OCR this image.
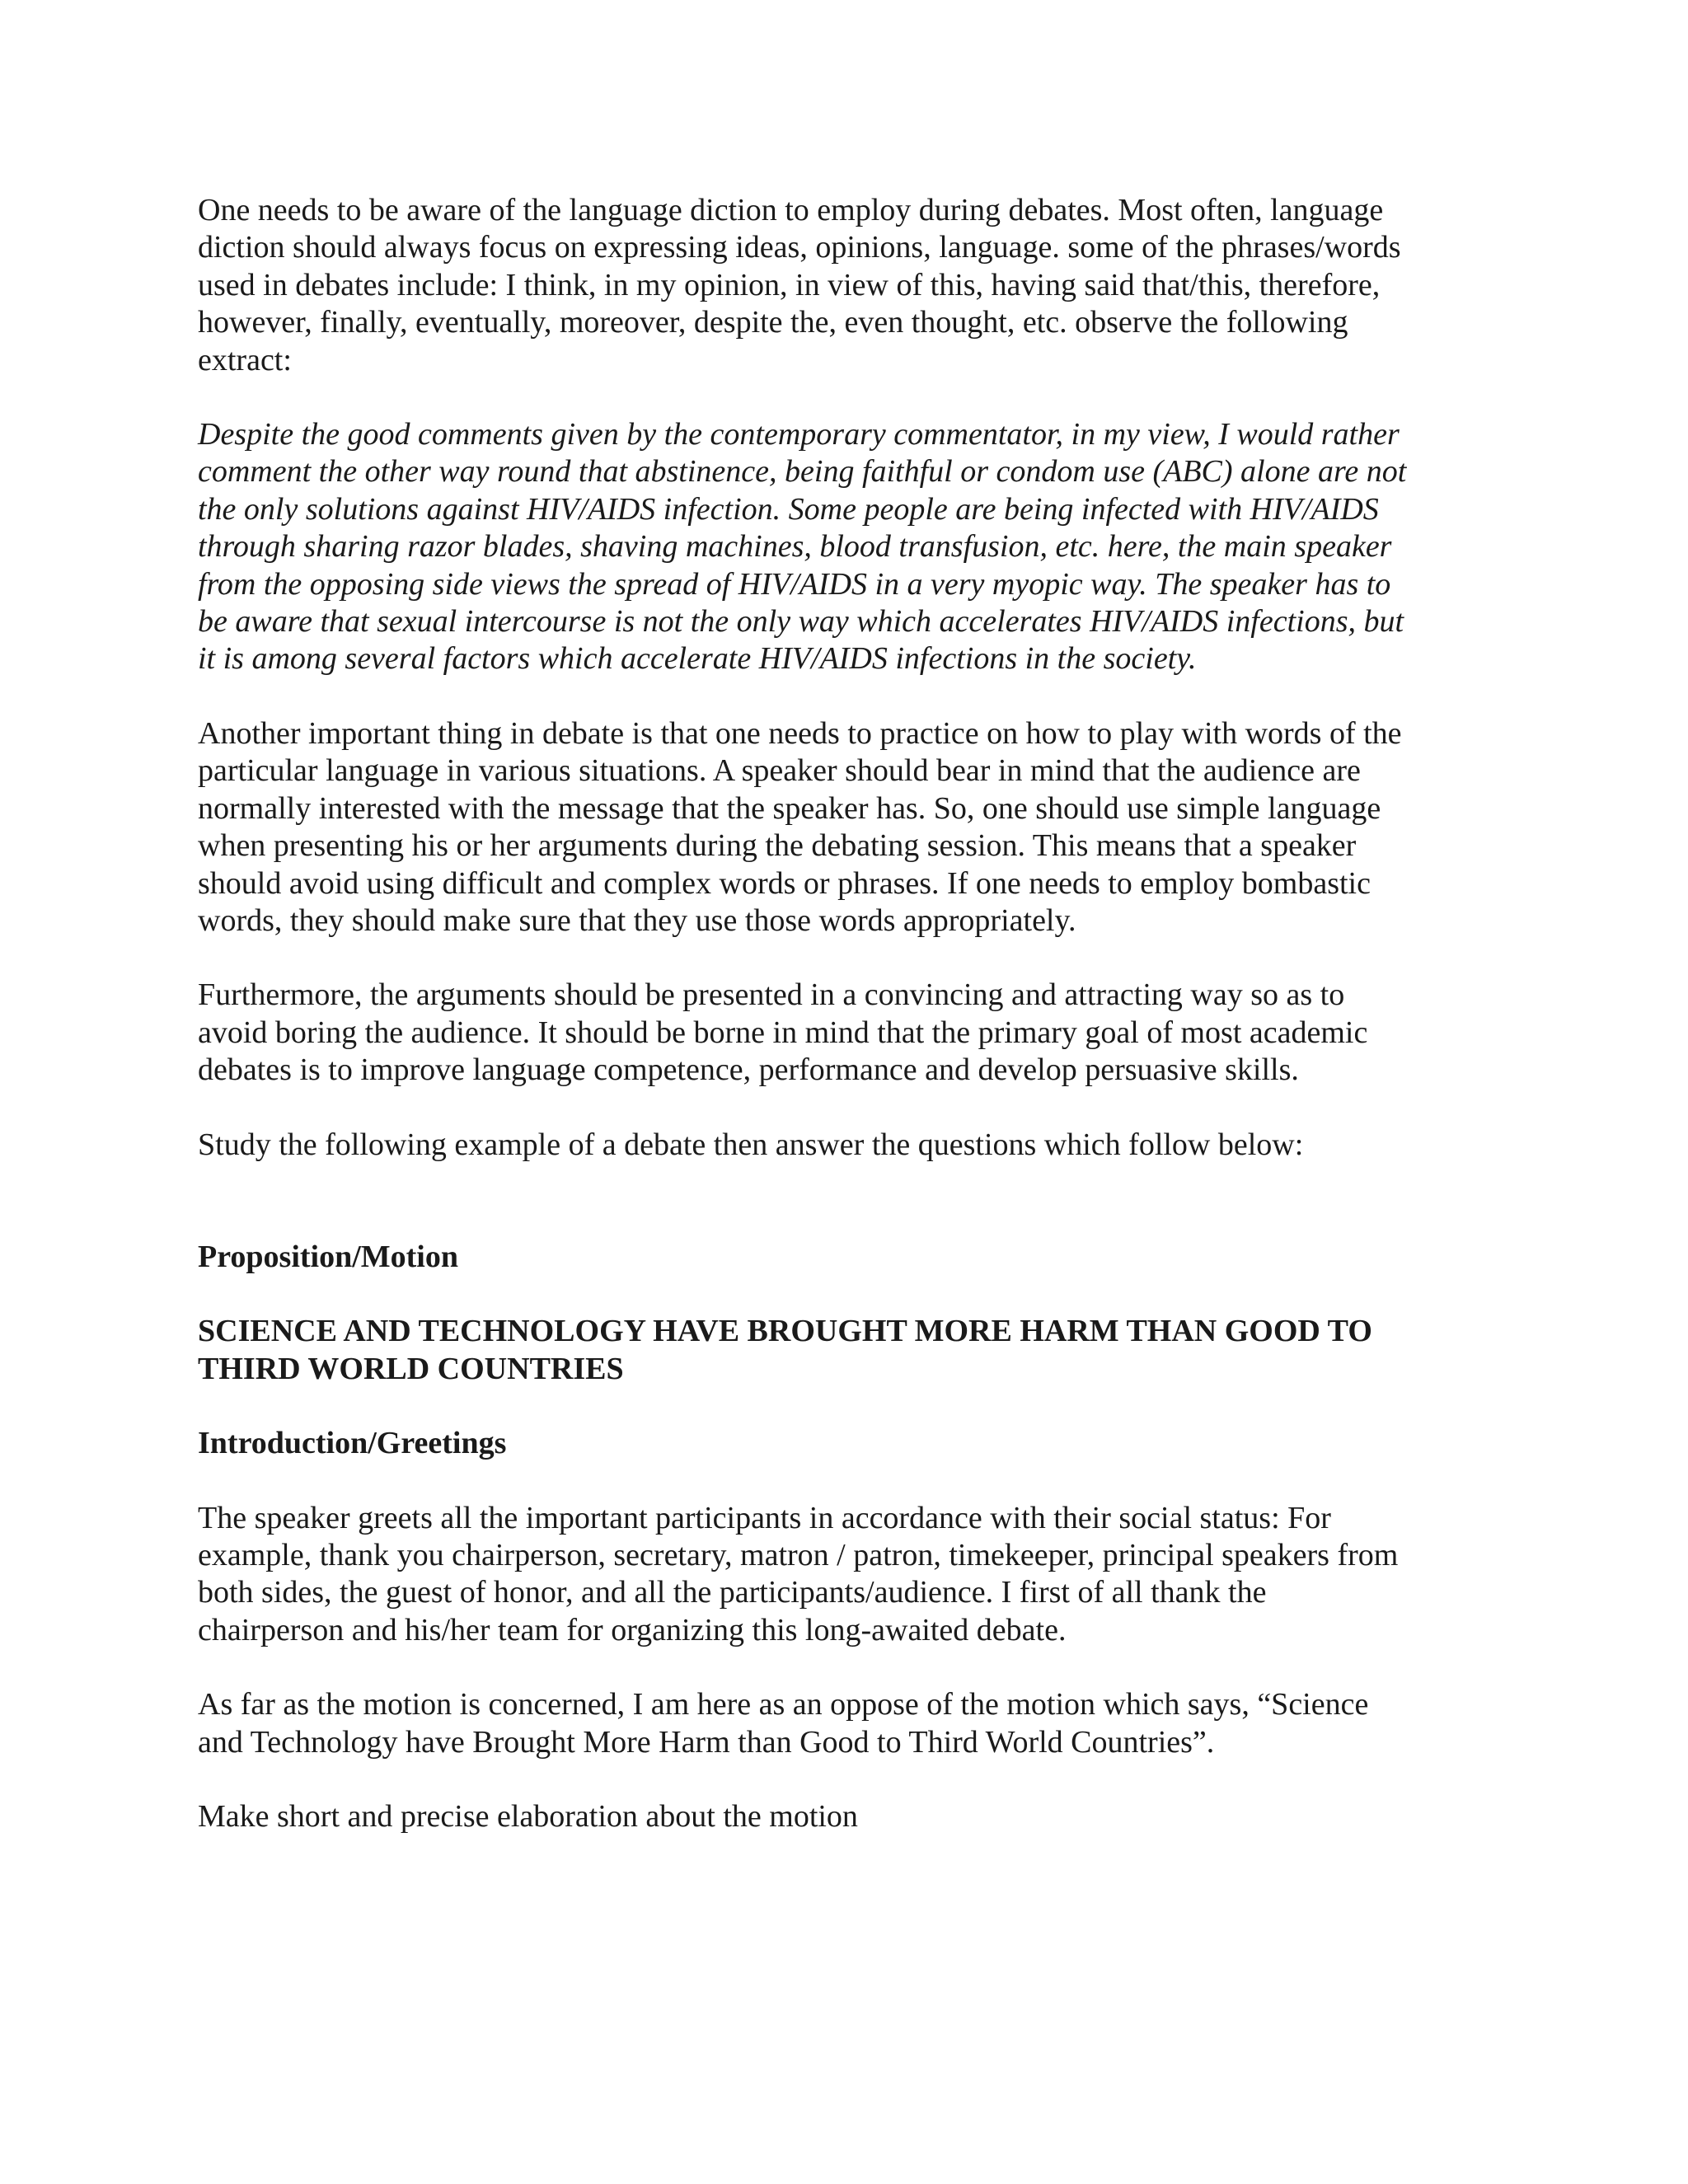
One needs to be aware of the language diction to employ during debates. Most often, language
diction should always focus on expressing ideas, opinions, language. some of the phrases/words
used in debates include: I think, in my opinion, in view of this, having said that/this, therefore,
however, finally, eventually, moreover, despite the, even thought, etc. observe the following
extract:

Despite the good comments given by the contemporary commentator, in my view, I would rather
comment the other way round that abstinence, being faithful or condom use (ABC) alone are not
the only solutions against HIV/AIDS infection. Some people are being infected with HIV/AIDS
through sharing razor blades, shaving machines, blood transfusion, etc. here, the main speaker
from the opposing side views the spread of HIV/AIDS in a very myopic way. The speaker has to
be aware that sexual intercourse is not the only way which accelerates HIV/AIDS infections, but
it is among several factors which accelerate HIV/AIDS infections in the society.

Another important thing in debate is that one needs to practice on how to play with words of the
particular language in various situations. A speaker should bear in mind that the audience are
normally interested with the message that the speaker has. So, one should use simple language
when presenting his or her arguments during the debating session. This means that a speaker
should avoid using difficult and complex words or phrases. If one needs to employ bombastic
words, they should make sure that they use those words appropriately.

Furthermore, the arguments should be presented in a convincing and attracting way so as to
avoid boring the audience. It should be borne in mind that the primary goal of most academic
debates is to improve language competence, performance and develop persuasive skills.

Study the following example of a debate then answer the questions which follow below:

Proposition/Motion

SCIENCE AND TECHNOLOGY HAVE BROUGHT MORE HARM THAN GOOD TO
THIRD WORLD COUNTRIES

Introduction/Greetings

The speaker greets all the important participants in accordance with their social status: For
example, thank you chairperson, secretary, matron / patron, timekeeper, principal speakers from
both sides, the guest of honor, and all the participants/audience. I first of all thank the
chairperson and his/her team for organizing this long-awaited debate.

As far as the motion is concerned, I am here as an oppose of the motion which says, “Science
and Technology have Brought More Harm than Good to Third World Countries”.

Make short and precise elaboration about the motion
